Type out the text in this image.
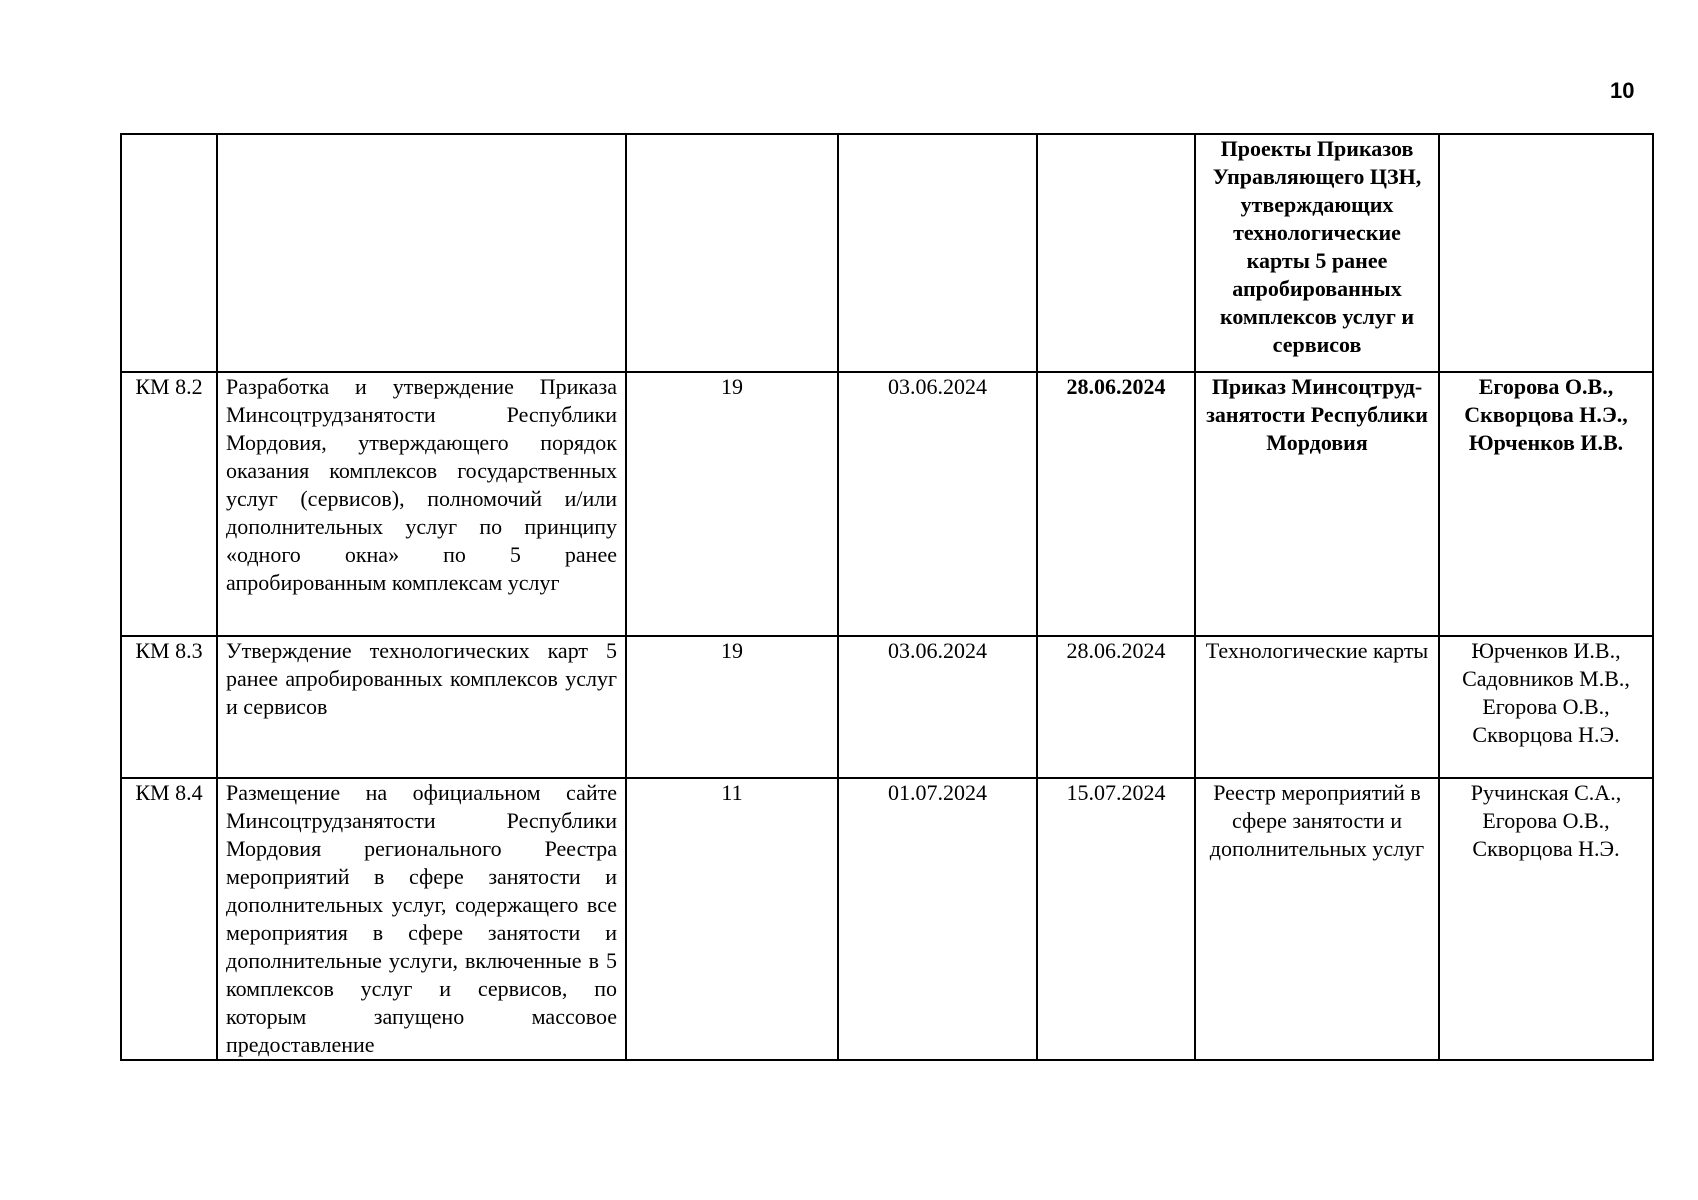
10
					Проекты Приказов Управляющего ЦЗН, утверждающих технологические карты 5 ранее апробированных комплексов услуг и сервисов	
КМ 8.2	Разработка и утверждение Приказа Минсоцтрудзанятости Республики Мордовия, утверждающего порядок оказания комплексов государственных услуг (сервисов), полномочий и/или дополнительных услуг по принципу «одного окна» по 5 ранее апробированным комплексам услуг	19	03.06.2024	28.06.2024	Приказ Минсоцтруд-занятости Республики Мордовия	Егорова О.В., Скворцова Н.Э., Юрченков И.В.
КМ 8.3	Утверждение технологических карт 5 ранее апробированных комплексов услуг и сервисов	19	03.06.2024	28.06.2024	Технологические карты	Юрченков И.В., Садовников М.В., Егорова О.В., Скворцова Н.Э.
КМ 8.4	Размещение на официальном сайте Минсоцтрудзанятости Республики Мордовия регионального Реестра мероприятий в сфере занятости и дополнительных услуг, содержащего все мероприятия в сфере занятости и дополнительные услуги, включенные в 5 комплексов услуг и сервисов, по которым запущено массовое предоставление	11	01.07.2024	15.07.2024	Реестр мероприятий в сфере занятости и дополнительных услуг	Ручинская С.А., Егорова О.В., Скворцова Н.Э.
